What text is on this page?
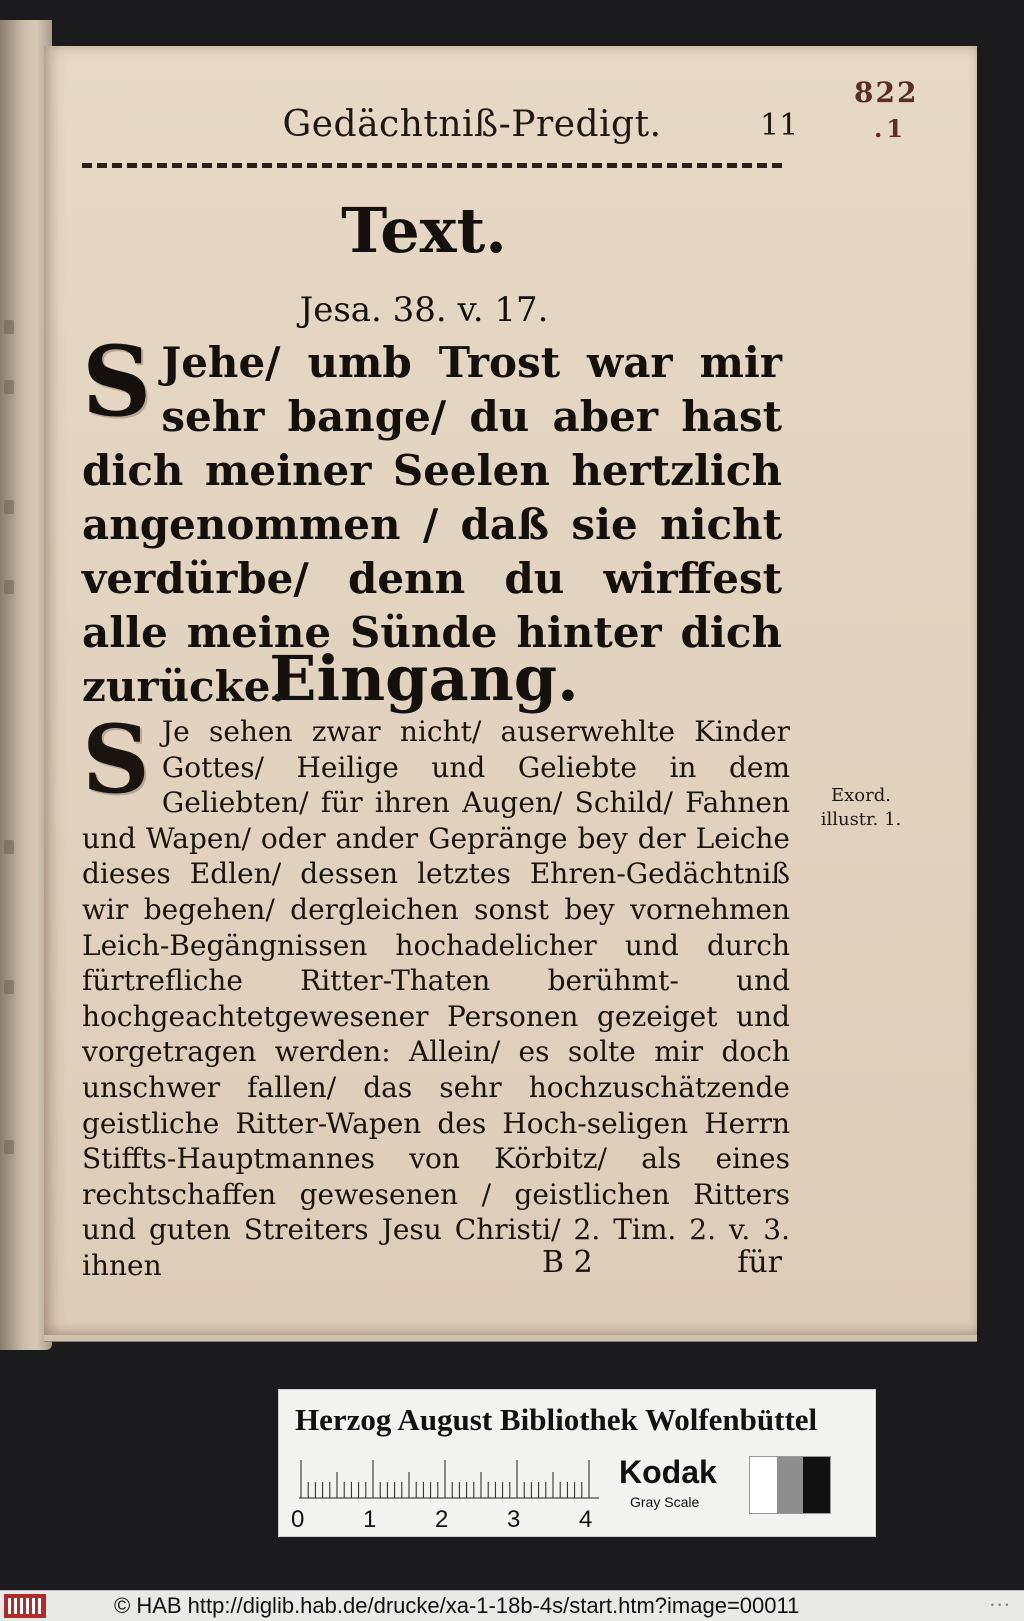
Gedächtniß-Predigt.	11
822
.1
Text.
Jesa. 38. v. 17.

S Jehe/ umb Trost war mir sehr bange/ du aber hast dich meiner Seelen hertzlich angenommen / daß sie nicht verdürbe/ denn du wirffest alle meine Sünde hinter dich zurücke.

Eingang.

S Je sehen zwar nicht/ auserwehlte Kinder Gottes/ Heilige und Geliebte in dem Geliebten/ für ihren Augen/ Schild/ Fahnen und Wapen/ oder ander Gepränge bey der Leiche dieses Edlen/ dessen letztes Ehren-Gedächtniß wir begehen/ dergleichen sonst bey vornehmen Leich-Begängnissen hochadelicher und durch fürtrefliche Ritter-Thaten berühmt- und hochgeachtetgewesener Personen gezeiget und vorgetragen werden: Allein/ es solte mir doch unschwer fallen/ das sehr hochzuschätzende geistliche Ritter-Wapen des Hoch-seligen Herrn Stiffts-Hauptmannes von Körbitz/ als eines rechtschaffen gewesenen / geistlichen Ritters und guten Streiters Jesu Christi/ 2. Tim. 2. v. 3. ihnen

Exord.
illustr. 1.
B 2	für
Herzog August Bibliothek Wolfenbüttel
0 1 2 3 4
Kodak
Gray Scale
© HAB http://diglib.hab.de/drucke/xa-1-18b-4s/start.htm?image=00011	• • •
